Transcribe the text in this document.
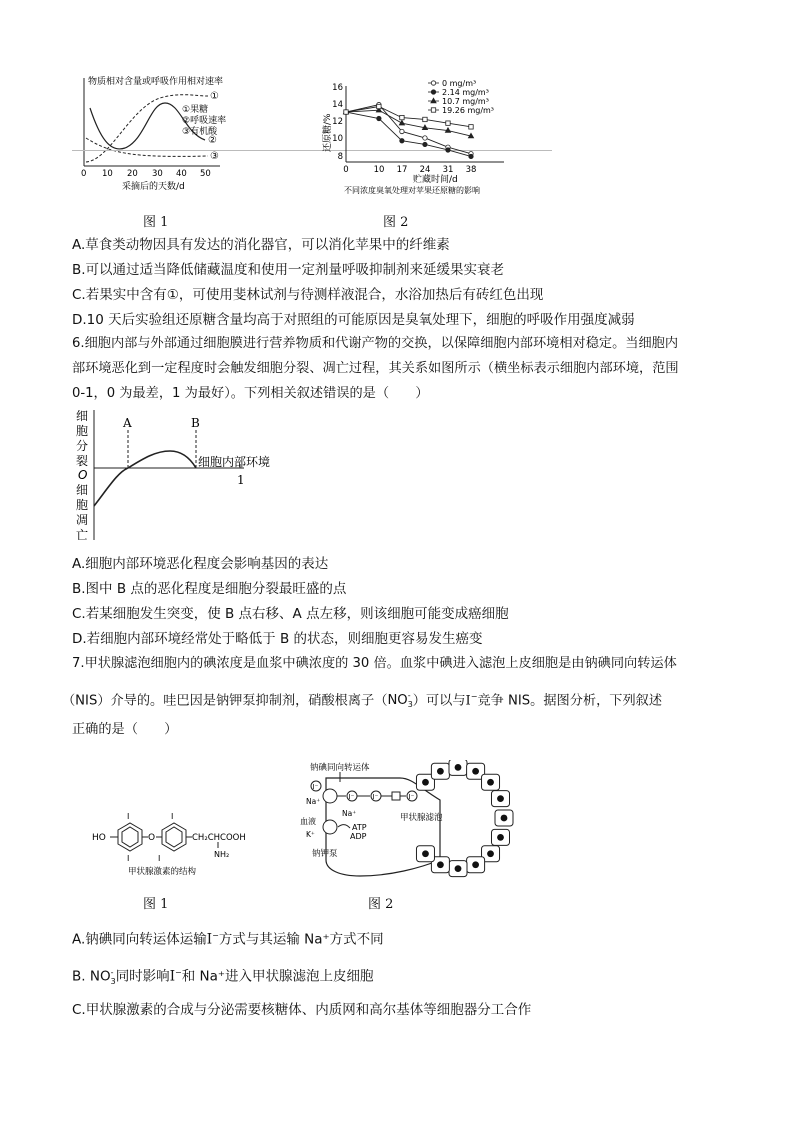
物质相对含量或呼吸作用相对速率
0 10 20 30 40 50
采摘后的天数/d
①
②
③
①果糖
②呼吸速率
③有机酸	还原糖/%
8
10
12
14
16
0	10 17 24 31 38
贮藏时间/d
不同浓度臭氧处理对苹果还原糖的影响
0 mg/m³
2.14 mg/m³
10.7 mg/m³
19.26 mg/m³
图 1	图 2
A.草食类动物因具有发达的消化器官，可以消化苹果中的纤维素
B.可以通过适当降低储藏温度和使用一定剂量呼吸抑制剂来延缓果实衰老
C.若果实中含有①，可使用斐林试剂与待测样液混合，水浴加热后有砖红色出现
D.10 天后实验组还原糖含量均高于对照组的可能原因是臭氧处理下，细胞的呼吸作用强度减弱
6.细胞内部与外部通过细胞膜进行营养物质和代谢产物的交换，以保障细胞内部环境相对稳定。当细胞内
部环境恶化到一定程度时会触发细胞分裂、凋亡过程，其关系如图所示（横坐标表示细胞内部环境，范围
0-1，0 为最差，1 为最好）。下列相关叙述错误的是（　　）
细
胞
分
裂
O
细
胞
凋
亡
A	B
细胞内部环境
1
A.细胞内部环境恶化程度会影响基因的表达
B.图中 B 点的恶化程度是细胞分裂最旺盛的点
C.若某细胞发生突变，使 B 点右移、A 点左移，则该细胞可能变成癌细胞
D.若细胞内部环境经常处于略低于 B 的状态，则细胞更容易发生癌变
7.甲状腺滤泡细胞内的碘浓度是血浆中碘浓度的 30 倍。血浆中碘进入滤泡上皮细胞是由钠碘同向转运体
（NIS）介导的。哇巴因是钠钾泵抑制剂，硝酸根离子（NO -
3 ）可以与I−竞争 NIS。据图分析，下列叙述
正确的是（　　）
HO	O
I
I
I
I
CH₂CHCOOH
NH₂
甲状腺激素的结构
钠碘同向转运体
I⁻
I⁻	I⁻	I⁻
Na⁺
血液
K⁺
Na⁺
ATP
ADP
钠钾泵
甲状腺滤泡
图 1	图 2
A.钠碘同向转运体运输I−方式与其运输 Na⁺方式不同
B. NO -
3 同时影响I−和 Na⁺进入甲状腺滤泡上皮细胞
C.甲状腺激素的合成与分泌需要核糖体、内质网和高尔基体等细胞器分工合作
